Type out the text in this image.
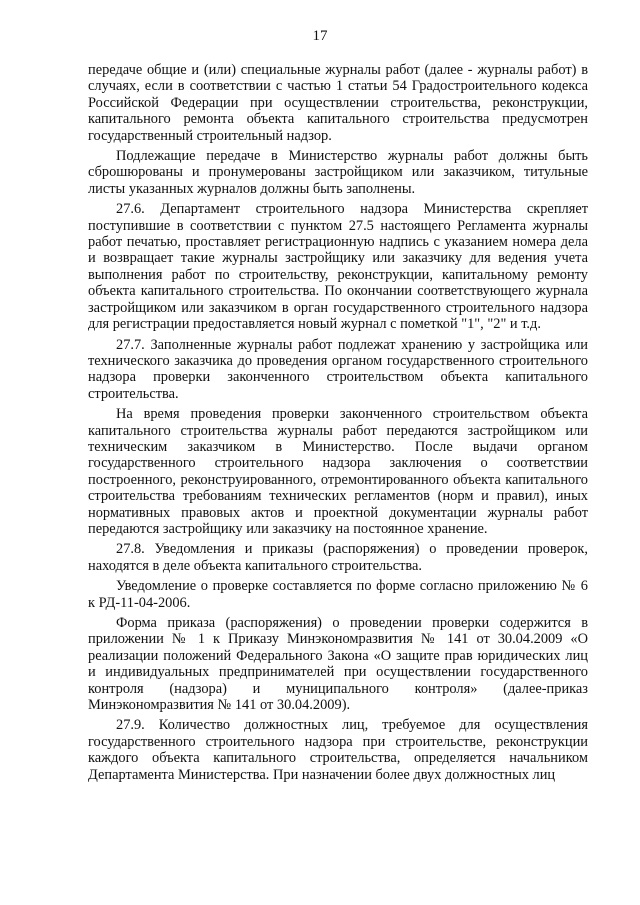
17

передаче общие и (или) специальные журналы работ (далее - журналы работ) в случаях, если в соответствии с частью 1 статьи 54 Градостроительного кодекса Российской Федерации при осуществлении строительства, реконструкции, капитального ремонта объекта капитального строительства предусмотрен государственный строительный надзор.

Подлежащие передаче в Министерство журналы работ должны быть сброшюрованы и пронумерованы застройщиком или заказчиком, титульные листы указанных журналов должны быть заполнены.

27.6. Департамент строительного надзора Министерства скрепляет поступившие в соответствии с пунктом 27.5 настоящего Регламента журналы работ печатью, проставляет регистрационную надпись с указанием номера дела и возвращает такие журналы застройщику или заказчику для ведения учета выполнения работ по строительству, реконструкции, капитальному ремонту объекта капитального строительства. По окончании соответствующего журнала застройщиком или заказчиком в орган государственного строительного надзора для регистрации предоставляется новый журнал с пометкой "1", "2" и т.д.

27.7. Заполненные журналы работ подлежат хранению у застройщика или технического заказчика до проведения органом государственного строительного надзора проверки законченного строительством объекта капитального строительства.

На время проведения проверки законченного строительством объекта капитального строительства журналы работ передаются застройщиком или техническим заказчиком в Министерство. После выдачи органом государственного строительного надзора заключения о соответствии построенного, реконструированного, отремонтированного объекта капитального строительства требованиям технических регламентов (норм и правил), иных нормативных правовых актов и проектной документации журналы работ передаются застройщику или заказчику на постоянное хранение.

27.8. Уведомления и приказы (распоряжения) о проведении проверок, находятся в деле объекта капитального строительства.

Уведомление о проверке составляется по форме согласно приложению № 6 к РД-11-04-2006.

Форма приказа (распоряжения) о проведении проверки содержится в приложении № 1 к Приказу Минэкономразвития № 141 от 30.04.2009 «О реализации положений Федерального Закона «О защите прав юридических лиц и индивидуальных предпринимателей при осуществлении государственного контроля (надзора) и муниципального контроля» (далее-приказ Минэкономразвития № 141 от 30.04.2009).

27.9. Количество должностных лиц, требуемое для осуществления государственного строительного надзора при строительстве, реконструкции каждого объекта капитального строительства, определяется начальником Департамента Министерства. При назначении более двух должностных лиц
